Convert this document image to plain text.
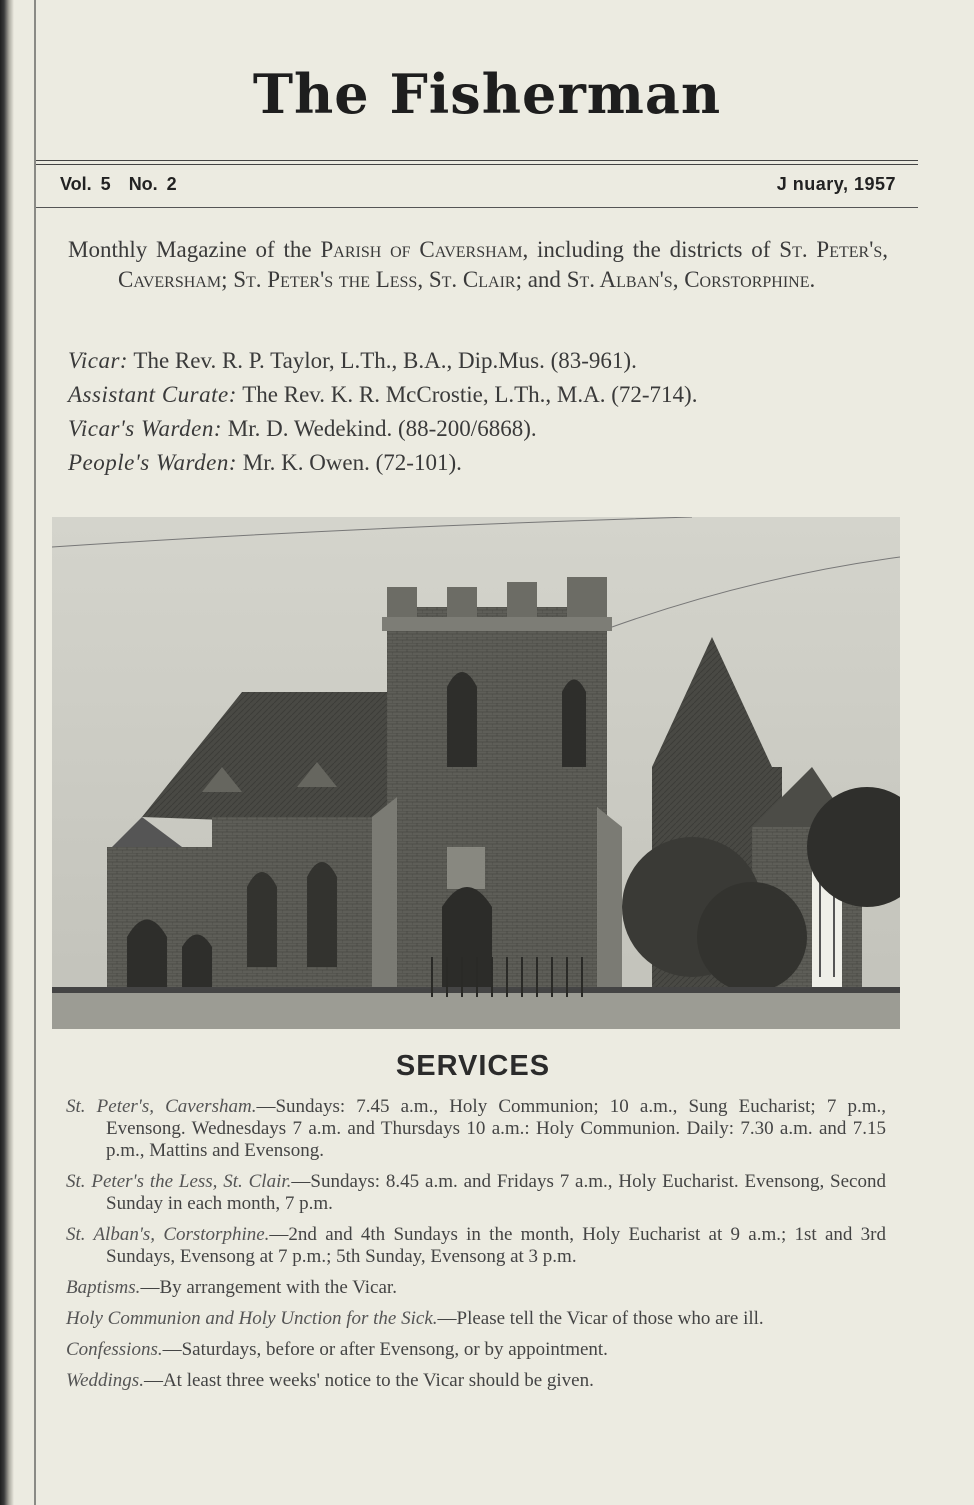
The Fisherman
Vol. 5 No. 2	J nuary, 1957

Monthly Magazine of the Parish of Caversham, including the districts of St. Peter's, Caversham; St. Peter's the Less, St. Clair; and St. Alban's, Corstorphine.

Vicar: The Rev. R. P. Taylor, L.Th., B.A., Dip.Mus. (83-961).
Assistant Curate: The Rev. K. R. McCrostie, L.Th., M.A. (72-714).
Vicar's Warden: Mr. D. Wedekind. (88-200/6868).
People's Warden: Mr. K. Owen. (72-101).
SERVICES

St. Peter's, Caversham.—Sundays: 7.45 a.m., Holy Communion; 10 a.m., Sung Eucharist; 7 p.m., Evensong. Wednesdays 7 a.m. and Thursdays 10 a.m.: Holy Communion. Daily: 7.30 a.m. and 7.15 p.m., Mattins and Evensong.

St. Peter's the Less, St. Clair.—Sundays: 8.45 a.m. and Fridays 7 a.m., Holy Eucharist. Evensong, Second Sunday in each month, 7 p.m.

St. Alban's, Corstorphine.—2nd and 4th Sundays in the month, Holy Eucharist at 9 a.m.; 1st and 3rd Sundays, Evensong at 7 p.m.; 5th Sunday, Evensong at 3 p.m.

Baptisms.—By arrangement with the Vicar.

Holy Communion and Holy Unction for the Sick.—Please tell the Vicar of those who are ill.

Confessions.—Saturdays, before or after Evensong, or by appointment.

Weddings.—At least three weeks' notice to the Vicar should be given.
